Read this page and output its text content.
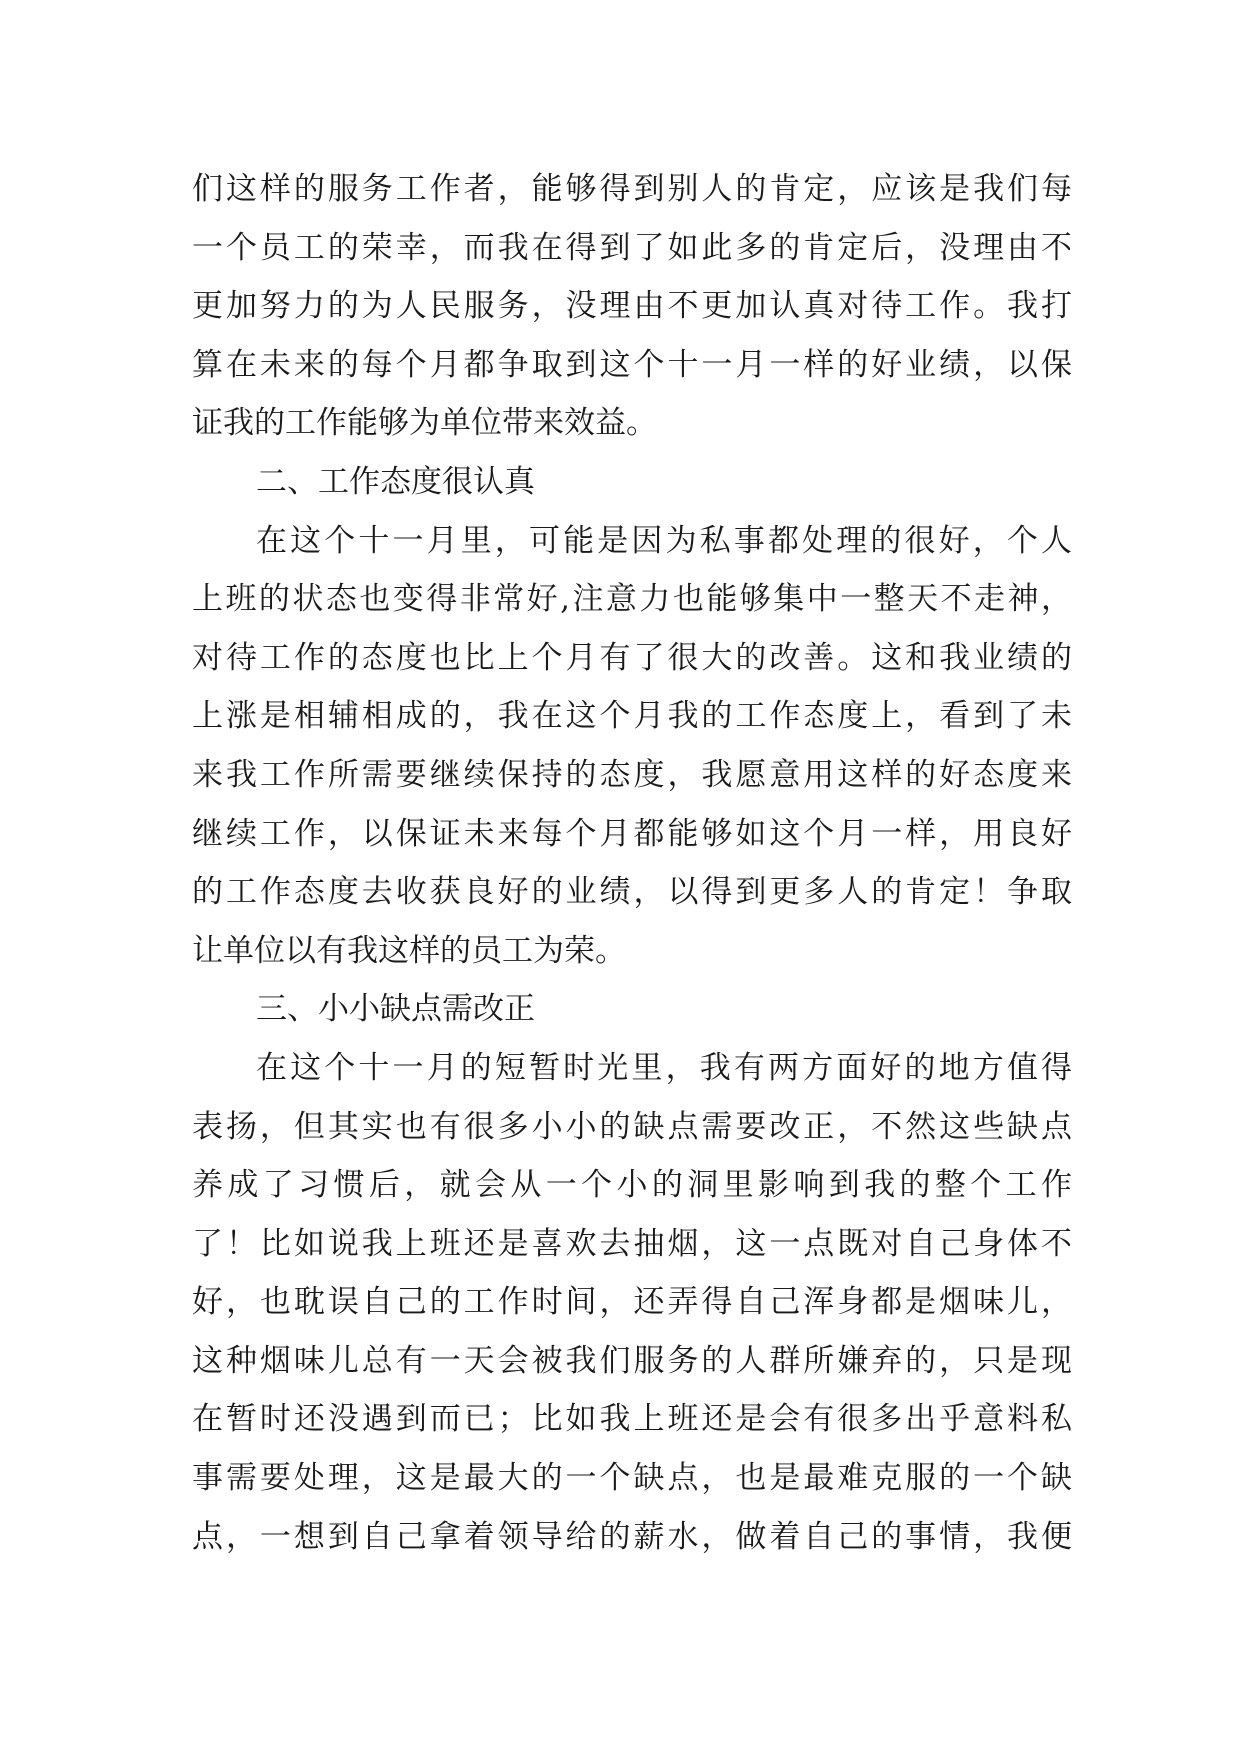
们这样的服务工作者，能够得到别人的肯定，应该是我们每
一个员工的荣幸，而我在得到了如此多的肯定后，没理由不
更加努力的为人民服务，没理由不更加认真对待工作。我打
算在未来的每个月都争取到这个十一月一样的好业绩，以保
证我的工作能够为单位带来效益。
二、工作态度很认真
在这个十一月里，可能是因为私事都处理的很好，个人
上班的状态也变得非常好,注意力也能够集中一整天不走神，
对待工作的态度也比上个月有了很大的改善。这和我业绩的
上涨是相辅相成的，我在这个月我的工作态度上，看到了未
来我工作所需要继续保持的态度，我愿意用这样的好态度来
继续工作，以保证未来每个月都能够如这个月一样，用良好
的工作态度去收获良好的业绩，以得到更多人的肯定！争取
让单位以有我这样的员工为荣。
三、小小缺点需改正
在这个十一月的短暂时光里，我有两方面好的地方值得
表扬，但其实也有很多小小的缺点需要改正，不然这些缺点
养成了习惯后，就会从一个小的洞里影响到我的整个工作
了！比如说我上班还是喜欢去抽烟，这一点既对自己身体不
好，也耽误自己的工作时间，还弄得自己浑身都是烟味儿，
这种烟味儿总有一天会被我们服务的人群所嫌弃的，只是现
在暂时还没遇到而已；比如我上班还是会有很多出乎意料私
事需要处理，这是最大的一个缺点，也是最难克服的一个缺
点，一想到自己拿着领导给的薪水，做着自己的事情，我便
